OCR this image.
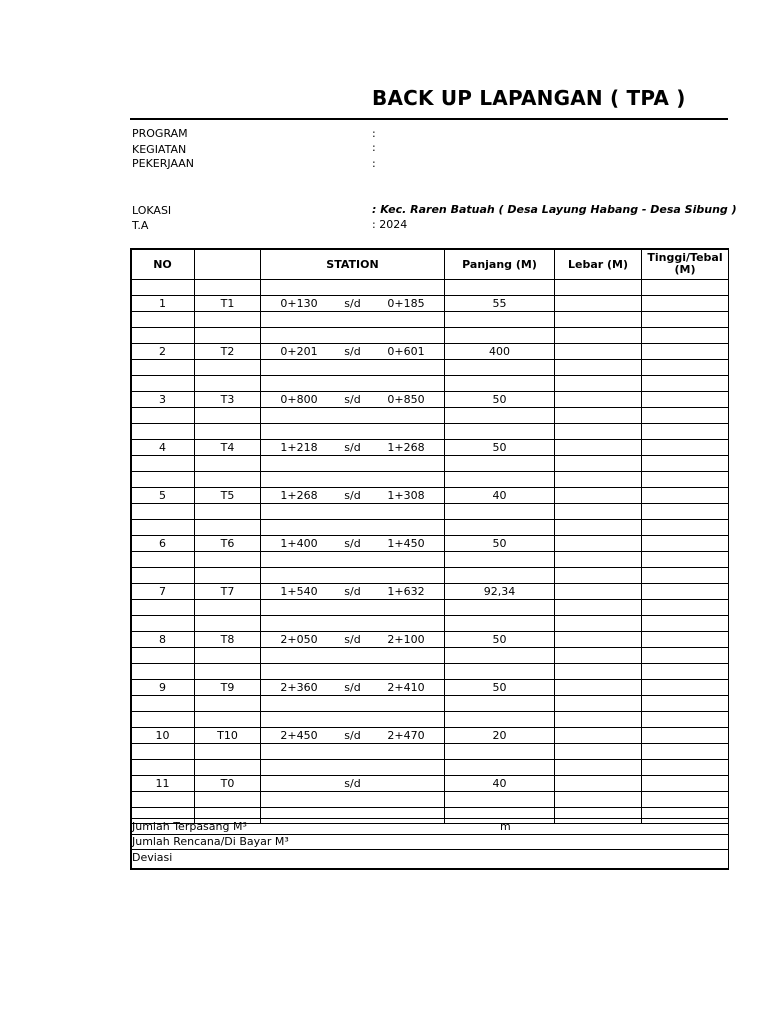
BACK UP LAPANGAN ( TPA )
PROGRAM	:
KEGIATAN	:
PEKERJAAN	:
LOKASI	: Kec. Raren Batuah ( Desa Layung Habang - Desa Sibung )
T.A	: 2024
NO		STATION	Panjang (M)	Lebar (M)	Tinggi/Tebal (M)

1	T1	0+130 s/d 0+185	55		

2	T2	0+201 s/d 0+601	400		

3	T3	0+800 s/d 0+850	50		

4	T4	1+218 s/d 1+268	50		

5	T5	1+268 s/d 1+308	40		

6	T6	1+400 s/d 1+450	50		

7	T7	1+540 s/d 1+632	92,34		

8	T8	2+050 s/d 2+100	50		

9	T9	2+360 s/d 2+410	50		

10	T10	2+450 s/d 2+470	20		

11	T0	s/d	40		

Jumlah Terpasang M³	m
Jumlah Rencana/Di Bayar M³
Deviasi
